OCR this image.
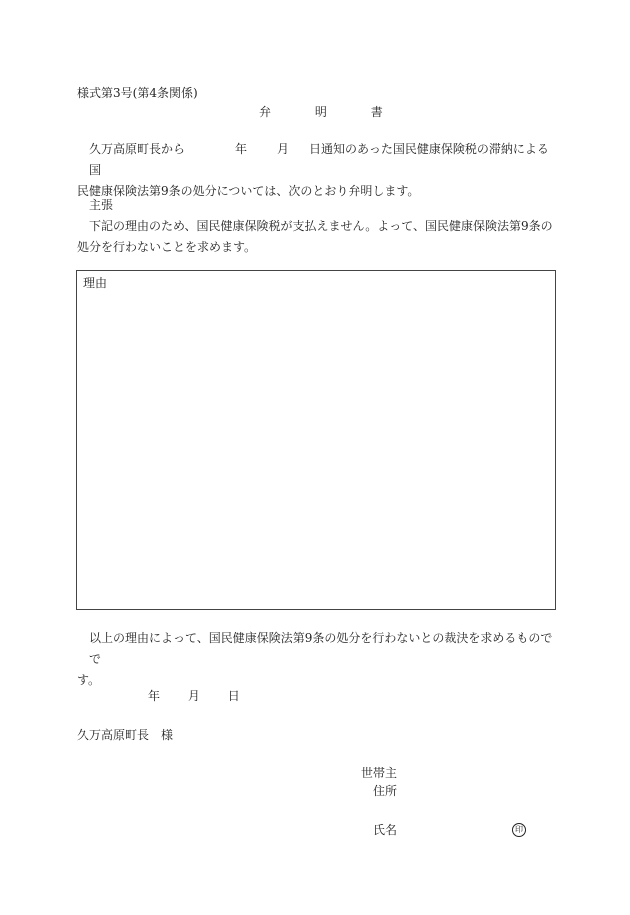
様式第3号(第4条関係)
弁	明	書
久万高原町長から	年	月 日通知のあった国民健康保険税の滞納による国
民健康保険法第9条の処分については、次のとおり弁明します。
主張
下記の理由のため、国民健康保険税が支払えません。よって、国民健康保険法第9条の
処分を行わないことを求めます。
理由
以上の理由によって、国民健康保険法第9条の処分を行わないとの裁決を求めるものでで
す。
年 月 日
久万高原町長　様
世帯主
住所
氏名	印
